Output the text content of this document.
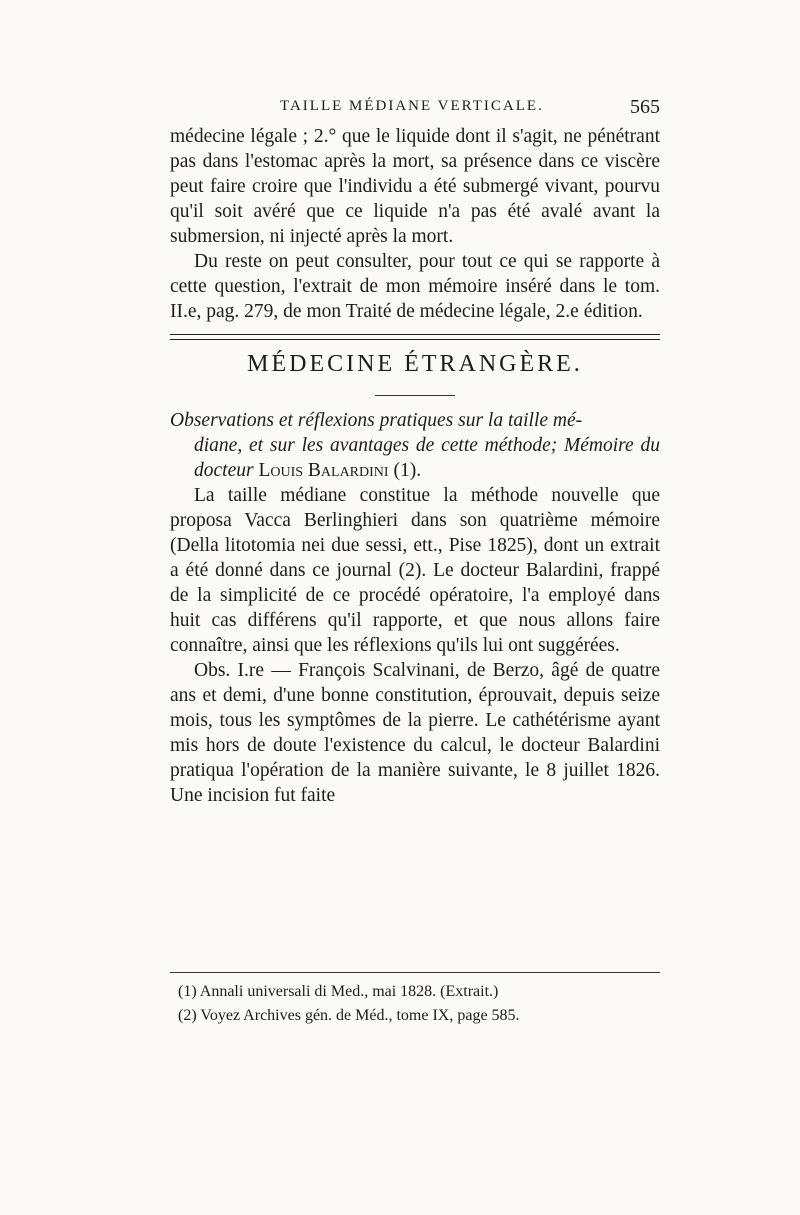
TAILLE MÉDIANE VERTICALE.	565

médecine légale ; 2.° que le liquide dont il s'agit, ne pénétrant pas dans l'estomac après la mort, sa présence dans ce viscère peut faire croire que l'individu a été submergé vivant, pourvu qu'il soit avéré que ce liquide n'a pas été avalé avant la submersion, ni injecté après la mort.

Du reste on peut consulter, pour tout ce qui se rapporte à cette question, l'extrait de mon mémoire inséré dans le tom. II.e, pag. 279, de mon Traité de médecine légale, 2.e édition.

MÉDECINE ÉTRANGÈRE.

Observations et réflexions pratiques sur la taille mé-
diane, et sur les avantages de cette méthode; Mémoire du docteur Louis Balardini (1).

La taille médiane constitue la méthode nouvelle que proposa Vacca Berlinghieri dans son quatrième mémoire (Della litotomia nei due sessi, ett., Pise 1825), dont un extrait a été donné dans ce journal (2). Le docteur Balardini, frappé de la simplicité de ce procédé opératoire, l'a employé dans huit cas différens qu'il rapporte, et que nous allons faire connaître, ainsi que les réflexions qu'ils lui ont suggérées.

Obs. I.re — François Scalvinani, de Berzo, âgé de quatre ans et demi, d'une bonne constitution, éprouvait, depuis seize mois, tous les symptômes de la pierre. Le cathétérisme ayant mis hors de doute l'existence du calcul, le docteur Balardini pratiqua l'opération de la manière suivante, le 8 juillet 1826. Une incision fut faite

(1) Annali universali di Med., mai 1828. (Extrait.)

(2) Voyez Archives gén. de Méd., tome IX, page 585.
